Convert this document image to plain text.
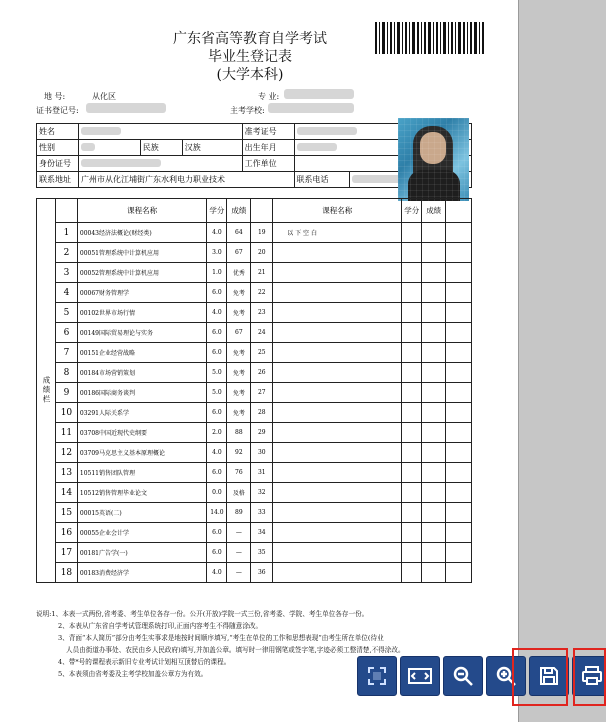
广东省高等教育自学考试
毕业生登记表
(大学本科)
地 号:	从化区	专 业:
证书登记号:	主考学校:
姓名				准考证号		
性别		民族	汉族	出生年月		
身份证号				工作单位		
联系地址	广州市从化江埔街广东水利电力职业技术				联系电话	
成绩栏		课程名称	学分	成绩		课程名称	学分	成绩	
	1	00043经济法概论(财经类)	4.0	64	19	以 下 空 白			
	2	00051管理系统中计算机应用	3.0	67	20				
	3	00052管理系统中计算机应用	1.0	优秀	21				
	4	00067财务管理学	6.0	免考	22				
	5	00102世界市场行情	4.0	免考	23				
	6	00149国际贸易理论与实务	6.0	67	24				
	7	00151企业经营战略	6.0	免考	25				
	8	00184市场营销策划	5.0	免考	26				
	9	00186国际商务谈判	5.0	免考	27				
	10	03291人际关系学	6.0	免考	28				
	11	03708中国近现代史纲要	2.0	88	29				
	12	03709马克思主义基本原理概论	4.0	92	30				
	13	10511销售团队管理	6.0	76	31				
	14	10512销售管理毕业论文	0.0	及格	32				
	15	00015英语(二)	14.0	89	33				
	16	00055企业会计学	6.0	—	34				
	17	00181广告学(一)	6.0	—	35				
	18	00183消费经济学	4.0	—	36				
说明:1、本表一式两份,省考委、考生单位各存一份。公开(开放)学院一式三份,省考委、学院、考生单位各存一份。
2、本表从广东省自学考试管理系统打印,正面内容考生不得随意涂改。
3、背面“本人简历”部分由考生实事求是地按时间顺序填写,“考生在单位的工作和思想表现”由考生所在单位(待业
人员由街道办事处、农民由乡人民政府)填写,并加盖公章。填写时一律用钢笔或签字笔,字迹必须工整清楚,不得涂改。
4、带*号的课程表示新旧专业考试计划相互顶替后的课程。
5、本表须由省考委及主考学校加盖公章方为有效。
